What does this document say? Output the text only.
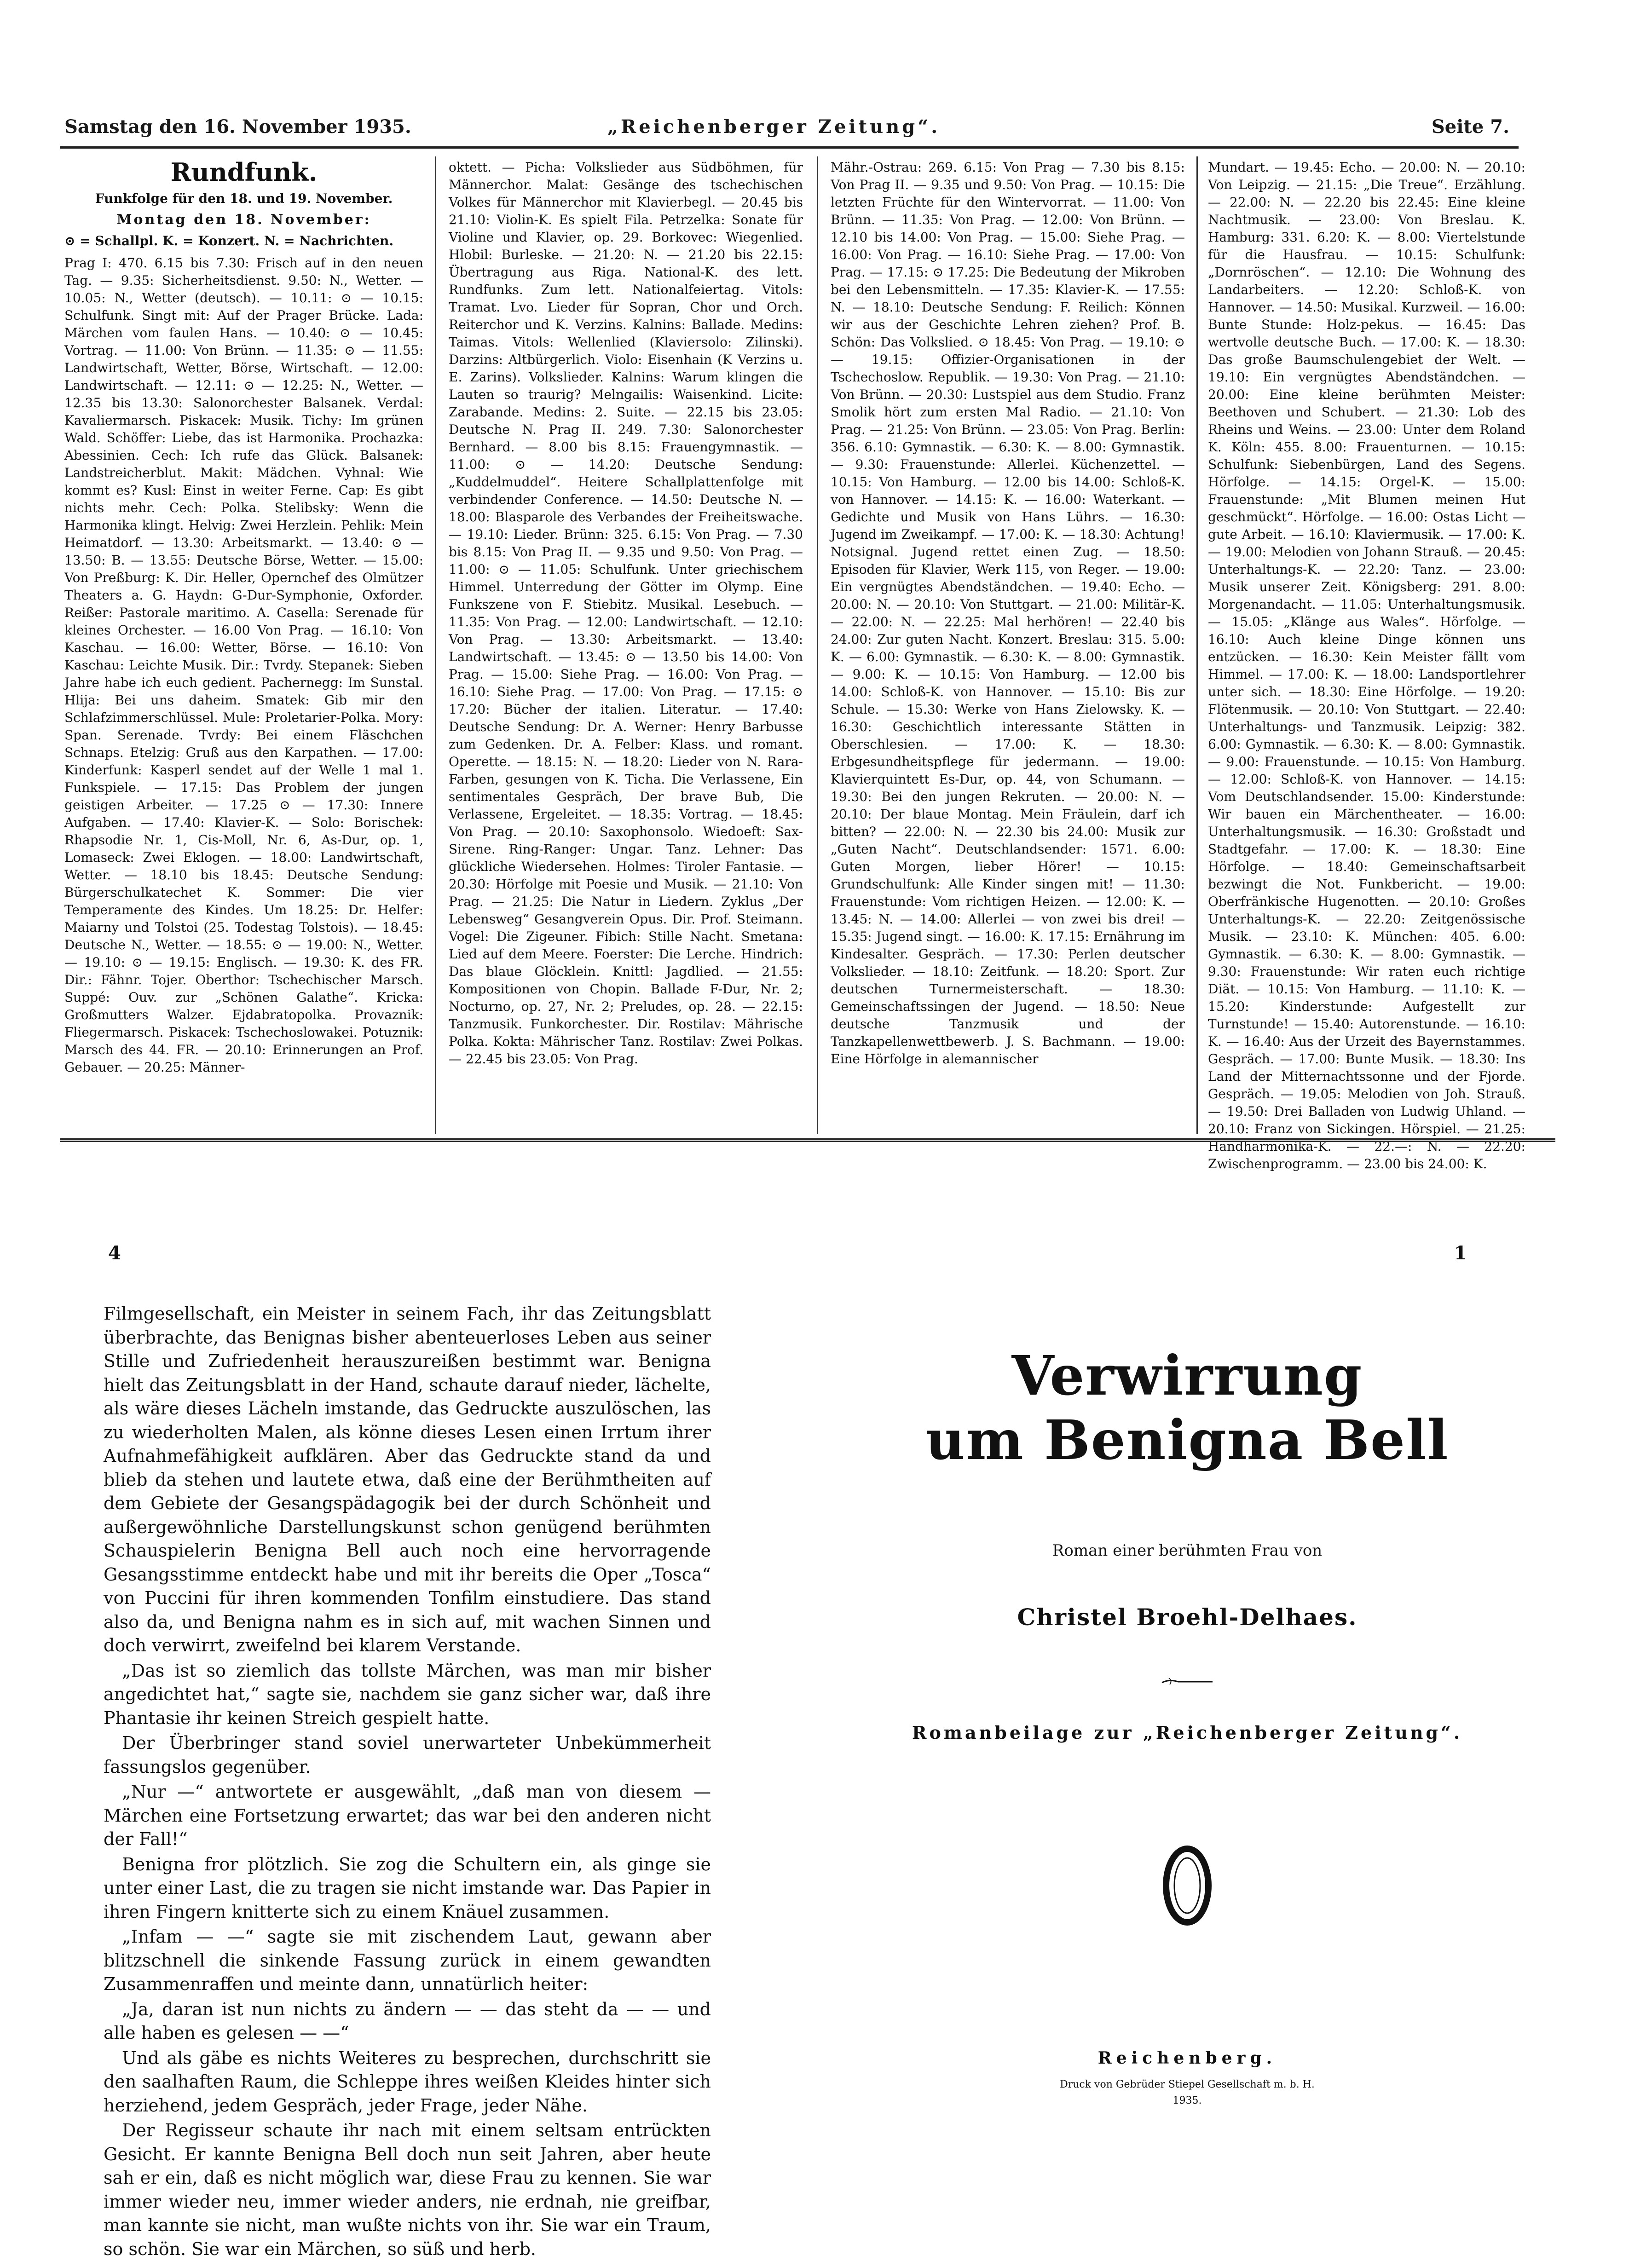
Samstag den 16. November 1935.	„Reichenberger Zeitung“.	Seite 7.
Rundfunk.
Funkfolge für den 18. und 19. November.
Montag den 18. November:
⊙ = Schallpl. K. = Konzert. N. = Nachrichten.

Prag I: 470. 6.15 bis 7.30: Frisch auf in den neuen Tag. — 9.35: Sicherheitsdienst. 9.50: N., Wetter. — 10.05: N., Wetter (deutsch). — 10.11: ⊙ — 10.15: Schulfunk. Singt mit: Auf der Prager Brücke. Lada: Märchen vom faulen Hans. — 10.40: ⊙ — 10.45: Vortrag. — 11.00: Von Brünn. — 11.35: ⊙ — 11.55: Landwirtschaft, Wetter, Börse, Wirtschaft. — 12.00: Landwirtschaft. — 12.11: ⊙ — 12.25: N., Wetter. — 12.35 bis 13.30: Salonorchester Balsanek. Verdal: Kavaliermarsch. Piskacek: Musik. Tichy: Im grünen Wald. Schöffer: Liebe, das ist Harmonika. Prochazka: Abessinien. Cech: Ich rufe das Glück. Balsanek: Landstreicherblut. Makit: Mädchen. Vyhnal: Wie kommt es? Kusl: Einst in weiter Ferne. Cap: Es gibt nichts mehr. Cech: Polka. Stelibsky: Wenn die Harmonika klingt. Helvig: Zwei Herzlein. Pehlik: Mein Heimatdorf. — 13.30: Arbeitsmarkt. — 13.40: ⊙ — 13.50: B. — 13.55: Deutsche Börse, Wetter. — 15.00: Von Preßburg: K. Dir. Heller, Opernchef des Olmützer Theaters a. G. Haydn: G-Dur-Symphonie, Oxforder. Reißer: Pastorale maritimo. A. Casella: Serenade für kleines Orchester. — 16.00 Von Prag. — 16.10: Von Kaschau. — 16.00: Wetter, Börse. — 16.10: Von Kaschau: Leichte Musik. Dir.: Tvrdy. Stepanek: Sieben Jahre habe ich euch gedient. Pachernegg: Im Sunstal. Hlija: Bei uns daheim. Smatek: Gib mir den Schlafzimmerschlüssel. Mule: Proletarier-Polka. Mory: Span. Serenade. Tvrdy: Bei einem Fläschchen Schnaps. Etelzig: Gruß aus den Karpathen. — 17.00: Kinderfunk: Kasperl sendet auf der Welle 1 mal 1. Funkspiele. — 17.15: Das Problem der jungen geistigen Arbeiter. — 17.25 ⊙ — 17.30: Innere Aufgaben. — 17.40: Klavier-K. — Solo: Borischek: Rhapsodie Nr. 1, Cis-Moll, Nr. 6, As-Dur, op. 1, Lomaseck: Zwei Eklogen. — 18.00: Landwirtschaft, Wetter. — 18.10 bis 18.45: Deutsche Sendung: Bürgerschulkatechet K. Sommer: Die vier Temperamente des Kindes. Um 18.25: Dr. Helfer: Maiarny und Tolstoi (25. Todestag Tolstois). — 18.45: Deutsche N., Wetter. — 18.55: ⊙ — 19.00: N., Wetter. — 19.10: ⊙ — 19.15: Englisch. — 19.30: K. des FR. Dir.: Fähnr. Tojer. Oberthor: Tschechischer Marsch. Suppé: Ouv. zur „Schönen Galathe“. Kricka: Großmutters Walzer. Ejdabratopolka. Provaznik: Fliegermarsch. Piskacek: Tschechoslowakei. Potuznik: Marsch des 44. FR. — 20.10: Erinnerungen an Prof. Gebauer. — 20.25: Männer-

oktett. — Picha: Volkslieder aus Südböhmen, für Männerchor. Malat: Gesänge des tschechischen Volkes für Männerchor mit Klavierbegl. — 20.45 bis 21.10: Violin-K. Es spielt Fila. Petrzelka: Sonate für Violine und Klavier, op. 29. Borkovec: Wiegenlied. Hlobil: Burleske. — 21.20: N. — 21.20 bis 22.15: Übertragung aus Riga. National-K. des lett. Rundfunks. Zum lett. Nationalfeiertag. Vitols: Tramat. Lvo. Lieder für Sopran, Chor und Orch. Reiterchor und K. Verzins. Kalnins: Ballade. Medins: Taimas. Vitols: Wellenlied (Klaviersolo: Zilinski). Darzins: Altbürgerlich. Violo: Eisenhain (K Verzins u. E. Zarins). Volkslieder. Kalnins: Warum klingen die Lauten so traurig? Melngailis: Waisenkind. Licite: Zarabande. Medins: 2. Suite. — 22.15 bis 23.05: Deutsche N. Prag II. 249. 7.30: Salonorchester Bernhard. — 8.00 bis 8.15: Frauengymnastik. — 11.00: ⊙ — 14.20: Deutsche Sendung: „Kuddelmuddel“. Heitere Schallplattenfolge mit verbindender Conference. — 14.50: Deutsche N. — 18.00: Blasparole des Verbandes der Freiheitswache. — 19.10: Lieder. Brünn: 325. 6.15: Von Prag. — 7.30 bis 8.15: Von Prag II. — 9.35 und 9.50: Von Prag. — 11.00: ⊙ — 11.05: Schulfunk. Unter griechischem Himmel. Unterredung der Götter im Olymp. Eine Funkszene von F. Stiebitz. Musikal. Lesebuch. — 11.35: Von Prag. — 12.00: Landwirtschaft. — 12.10: Von Prag. — 13.30: Arbeitsmarkt. — 13.40: Landwirtschaft. — 13.45: ⊙ — 13.50 bis 14.00: Von Prag. — 15.00: Siehe Prag. — 16.00: Von Prag. — 16.10: Siehe Prag. — 17.00: Von Prag. — 17.15: ⊙ 17.20: Bücher der italien. Literatur. — 17.40: Deutsche Sendung: Dr. A. Werner: Henry Barbusse zum Gedenken. Dr. A. Felber: Klass. und romant. Operette. — 18.15: N. — 18.20: Lieder von N. Rara-Farben, gesungen von K. Ticha. Die Verlassene, Ein sentimentales Gespräch, Der brave Bub, Die Verlassene, Ergeleitet. — 18.35: Vortrag. — 18.45: Von Prag. — 20.10: Saxophonsolo. Wiedoeft: Sax-Sirene. Ring-Ranger: Ungar. Tanz. Lehner: Das glückliche Wiedersehen. Holmes: Tiroler Fantasie. — 20.30: Hörfolge mit Poesie und Musik. — 21.10: Von Prag. — 21.25: Die Natur in Liedern. Zyklus „Der Lebensweg“ Gesangverein Opus. Dir. Prof. Steimann. Vogel: Die Zigeuner. Fibich: Stille Nacht. Smetana: Lied auf dem Meere. Foerster: Die Lerche. Hindrich: Das blaue Glöcklein. Knittl: Jagdlied. — 21.55: Kompositionen von Chopin. Ballade F-Dur, Nr. 2; Nocturno, op. 27, Nr. 2; Preludes, op. 28. — 22.15: Tanzmusik. Funkorchester. Dir. Rostilav: Mährische Polka. Kokta: Mährischer Tanz. Rostilav: Zwei Polkas. — 22.45 bis 23.05: Von Prag.

Mähr.-Ostrau: 269. 6.15: Von Prag — 7.30 bis 8.15: Von Prag II. — 9.35 und 9.50: Von Prag. — 10.15: Die letzten Früchte für den Wintervorrat. — 11.00: Von Brünn. — 11.35: Von Prag. — 12.00: Von Brünn. — 12.10 bis 14.00: Von Prag. — 15.00: Siehe Prag. — 16.00: Von Prag. — 16.10: Siehe Prag. — 17.00: Von Prag. — 17.15: ⊙ 17.25: Die Bedeutung der Mikroben bei den Lebensmitteln. — 17.35: Klavier-K. — 17.55: N. — 18.10: Deutsche Sendung: F. Reilich: Können wir aus der Geschichte Lehren ziehen? Prof. B. Schön: Das Volkslied. ⊙ 18.45: Von Prag. — 19.10: ⊙ — 19.15: Offizier-Organisationen in der Tschechoslow. Republik. — 19.30: Von Prag. — 21.10: Von Brünn. — 20.30: Lustspiel aus dem Studio. Franz Smolik hört zum ersten Mal Radio. — 21.10: Von Prag. — 21.25: Von Brünn. — 23.05: Von Prag. Berlin: 356. 6.10: Gymnastik. — 6.30: K. — 8.00: Gymnastik. — 9.30: Frauenstunde: Allerlei. Küchenzettel. — 10.15: Von Hamburg. — 12.00 bis 14.00: Schloß-K. von Hannover. — 14.15: K. — 16.00: Waterkant. — Gedichte und Musik von Hans Lührs. — 16.30: Jugend im Zweikampf. — 17.00: K. — 18.30: Achtung! Notsignal. Jugend rettet einen Zug. — 18.50: Episoden für Klavier, Werk 115, von Reger. — 19.00: Ein vergnügtes Abendständchen. — 19.40: Echo. — 20.00: N. — 20.10: Von Stuttgart. — 21.00: Militär-K. — 22.00: N. — 22.25: Mal herhören! — 22.40 bis 24.00: Zur guten Nacht. Konzert. Breslau: 315. 5.00: K. — 6.00: Gymnastik. — 6.30: K. — 8.00: Gymnastik. — 9.00: K. — 10.15: Von Hamburg. — 12.00 bis 14.00: Schloß-K. von Hannover. — 15.10: Bis zur Schule. — 15.30: Werke von Hans Zielowsky. K. — 16.30: Geschichtlich interessante Stätten in Oberschlesien. — 17.00: K. — 18.30: Erbgesundheitspflege für jedermann. — 19.00: Klavierquintett Es-Dur, op. 44, von Schumann. — 19.30: Bei den jungen Rekruten. — 20.00: N. — 20.10: Der blaue Montag. Mein Fräulein, darf ich bitten? — 22.00: N. — 22.30 bis 24.00: Musik zur „Guten Nacht“. Deutschlandsender: 1571. 6.00: Guten Morgen, lieber Hörer! — 10.15: Grundschulfunk: Alle Kinder singen mit! — 11.30: Frauenstunde: Vom richtigen Heizen. — 12.00: K. — 13.45: N. — 14.00: Allerlei — von zwei bis drei! — 15.35: Jugend singt. — 16.00: K. 17.15: Ernährung im Kindesalter. Gespräch. — 17.30: Perlen deutscher Volkslieder. — 18.10: Zeitfunk. — 18.20: Sport. Zur deutschen Turnermeisterschaft. — 18.30: Gemeinschaftssingen der Jugend. — 18.50: Neue deutsche Tanzmusik und der Tanzkapellenwettbewerb. J. S. Bachmann. — 19.00: Eine Hörfolge in alemannischer

Mundart. — 19.45: Echo. — 20.00: N. — 20.10: Von Leipzig. — 21.15: „Die Treue“. Erzählung. — 22.00: N. — 22.20 bis 22.45: Eine kleine Nachtmusik. — 23.00: Von Breslau. K. Hamburg: 331. 6.20: K. — 8.00: Viertelstunde für die Hausfrau. — 10.15: Schulfunk: „Dornröschen“. — 12.10: Die Wohnung des Landarbeiters. — 12.20: Schloß-K. von Hannover. — 14.50: Musikal. Kurzweil. — 16.00: Bunte Stunde: Holz-pekus. — 16.45: Das wertvolle deutsche Buch. — 17.00: K. — 18.30: Das große Baumschulengebiet der Welt. — 19.10: Ein vergnügtes Abendständchen. — 20.00: Eine kleine berühmten Meister: Beethoven und Schubert. — 21.30: Lob des Rheins und Weins. — 23.00: Unter dem Roland K. Köln: 455. 8.00: Frauenturnen. — 10.15: Schulfunk: Siebenbürgen, Land des Segens. Hörfolge. — 14.15: Orgel-K. — 15.00: Frauenstunde: „Mit Blumen meinen Hut geschmückt“. Hörfolge. — 16.00: Ostas Licht — gute Arbeit. — 16.10: Klaviermusik. — 17.00: K. — 19.00: Melodien von Johann Strauß. — 20.45: Unterhaltungs-K. — 22.20: Tanz. — 23.00: Musik unserer Zeit. Königsberg: 291. 8.00: Morgenandacht. — 11.05: Unterhaltungsmusik. — 15.05: „Klänge aus Wales“. Hörfolge. — 16.10: Auch kleine Dinge können uns entzücken. — 16.30: Kein Meister fällt vom Himmel. — 17.00: K. — 18.00: Landsportlehrer unter sich. — 18.30: Eine Hörfolge. — 19.20: Flötenmusik. — 20.10: Von Stuttgart. — 22.40: Unterhaltungs- und Tanzmusik. Leipzig: 382. 6.00: Gymnastik. — 6.30: K. — 8.00: Gymnastik. — 9.00: Frauenstunde. — 10.15: Von Hamburg. — 12.00: Schloß-K. von Hannover. — 14.15: Vom Deutschlandsender. 15.00: Kinderstunde: Wir bauen ein Märchentheater. — 16.00: Unterhaltungsmusik. — 16.30: Großstadt und Stadtgefahr. — 17.00: K. — 18.30: Eine Hörfolge. — 18.40: Gemeinschaftsarbeit bezwingt die Not. Funkbericht. — 19.00: Oberfränkische Hugenotten. — 20.10: Großes Unterhaltungs-K. — 22.20: Zeitgenössische Musik. — 23.10: K. München: 405. 6.00: Gymnastik. — 6.30: K. — 8.00: Gymnastik. — 9.30: Frauenstunde: Wir raten euch richtige Diät. — 10.15: Von Hamburg. — 11.10: K. — 15.20: Kinderstunde: Aufgestellt zur Turnstunde! — 15.40: Autorenstunde. — 16.10: K. — 16.40: Aus der Urzeit des Bayernstammes. Gespräch. — 17.00: Bunte Musik. — 18.30: Ins Land der Mitternachtssonne und der Fjorde. Gespräch. — 19.05: Melodien von Joh. Strauß. — 19.50: Drei Balladen von Ludwig Uhland. — 20.10: Franz von Sickingen. Hörspiel. — 21.25: Handharmonika-K. — 22.—: N. — 22.20: Zwischenprogramm. — 23.00 bis 24.00: K.

4	1

Filmgesellschaft, ein Meister in seinem Fach, ihr das Zeitungsblatt überbrachte, das Benignas bisher abenteuerloses Leben aus seiner Stille und Zufriedenheit herauszureißen bestimmt war. Benigna hielt das Zeitungsblatt in der Hand, schaute darauf nieder, lächelte, als wäre dieses Lächeln imstande, das Gedruckte auszulöschen, las zu wiederholten Malen, als könne dieses Lesen einen Irrtum ihrer Aufnahmefähigkeit aufklären. Aber das Gedruckte stand da und blieb da stehen und lautete etwa, daß eine der Berühmtheiten auf dem Gebiete der Gesangspädagogik bei der durch Schönheit und außergewöhnliche Darstellungskunst schon genügend berühmten Schauspielerin Benigna Bell auch noch eine hervorragende Gesangsstimme entdeckt habe und mit ihr bereits die Oper „Tosca“ von Puccini für ihren kommenden Tonfilm einstudiere. Das stand also da, und Benigna nahm es in sich auf, mit wachen Sinnen und doch verwirrt, zweifelnd bei klarem Verstande.

„Das ist so ziemlich das tollste Märchen, was man mir bisher angedichtet hat,“ sagte sie, nachdem sie ganz sicher war, daß ihre Phantasie ihr keinen Streich gespielt hatte.

Der Überbringer stand soviel unerwarteter Unbekümmerheit fassungslos gegenüber.

„Nur —“ antwortete er ausgewählt, „daß man von diesem — Märchen eine Fortsetzung erwartet; das war bei den anderen nicht der Fall!“

Benigna fror plötzlich. Sie zog die Schultern ein, als ginge sie unter einer Last, die zu tragen sie nicht imstande war. Das Papier in ihren Fingern knitterte sich zu einem Knäuel zusammen.

„Infam — —“ sagte sie mit zischendem Laut, gewann aber blitzschnell die sinkende Fassung zurück in einem gewandten Zusammenraffen und meinte dann, unnatürlich heiter:

„Ja, daran ist nun nichts zu ändern — — das steht da — — und alle haben es gelesen — —“

Und als gäbe es nichts Weiteres zu besprechen, durchschritt sie den saalhaften Raum, die Schleppe ihres weißen Kleides hinter sich herziehend, jedem Gespräch, jeder Frage, jeder Nähe.

Der Regisseur schaute ihr nach mit einem seltsam entrückten Gesicht. Er kannte Benigna Bell doch nun seit Jahren, aber heute sah er ein, daß es nicht möglich war, diese Frau zu kennen. Sie war immer wieder neu, immer wieder anders, nie erdnah, nie greifbar, man kannte sie nicht, man wußte nichts von ihr. Sie war ein Traum, so schön. Sie war ein Märchen, so süß und herb.

Verwirrung
um Benigna Bell
Roman einer berühmten Frau von
Christel Broehl-Delhaes.
Romanbeilage zur „Reichenberger Zeitung“.
Reichenberg.
Druck von Gebrüder Stiepel Gesellschaft m. b. H.
1935.
